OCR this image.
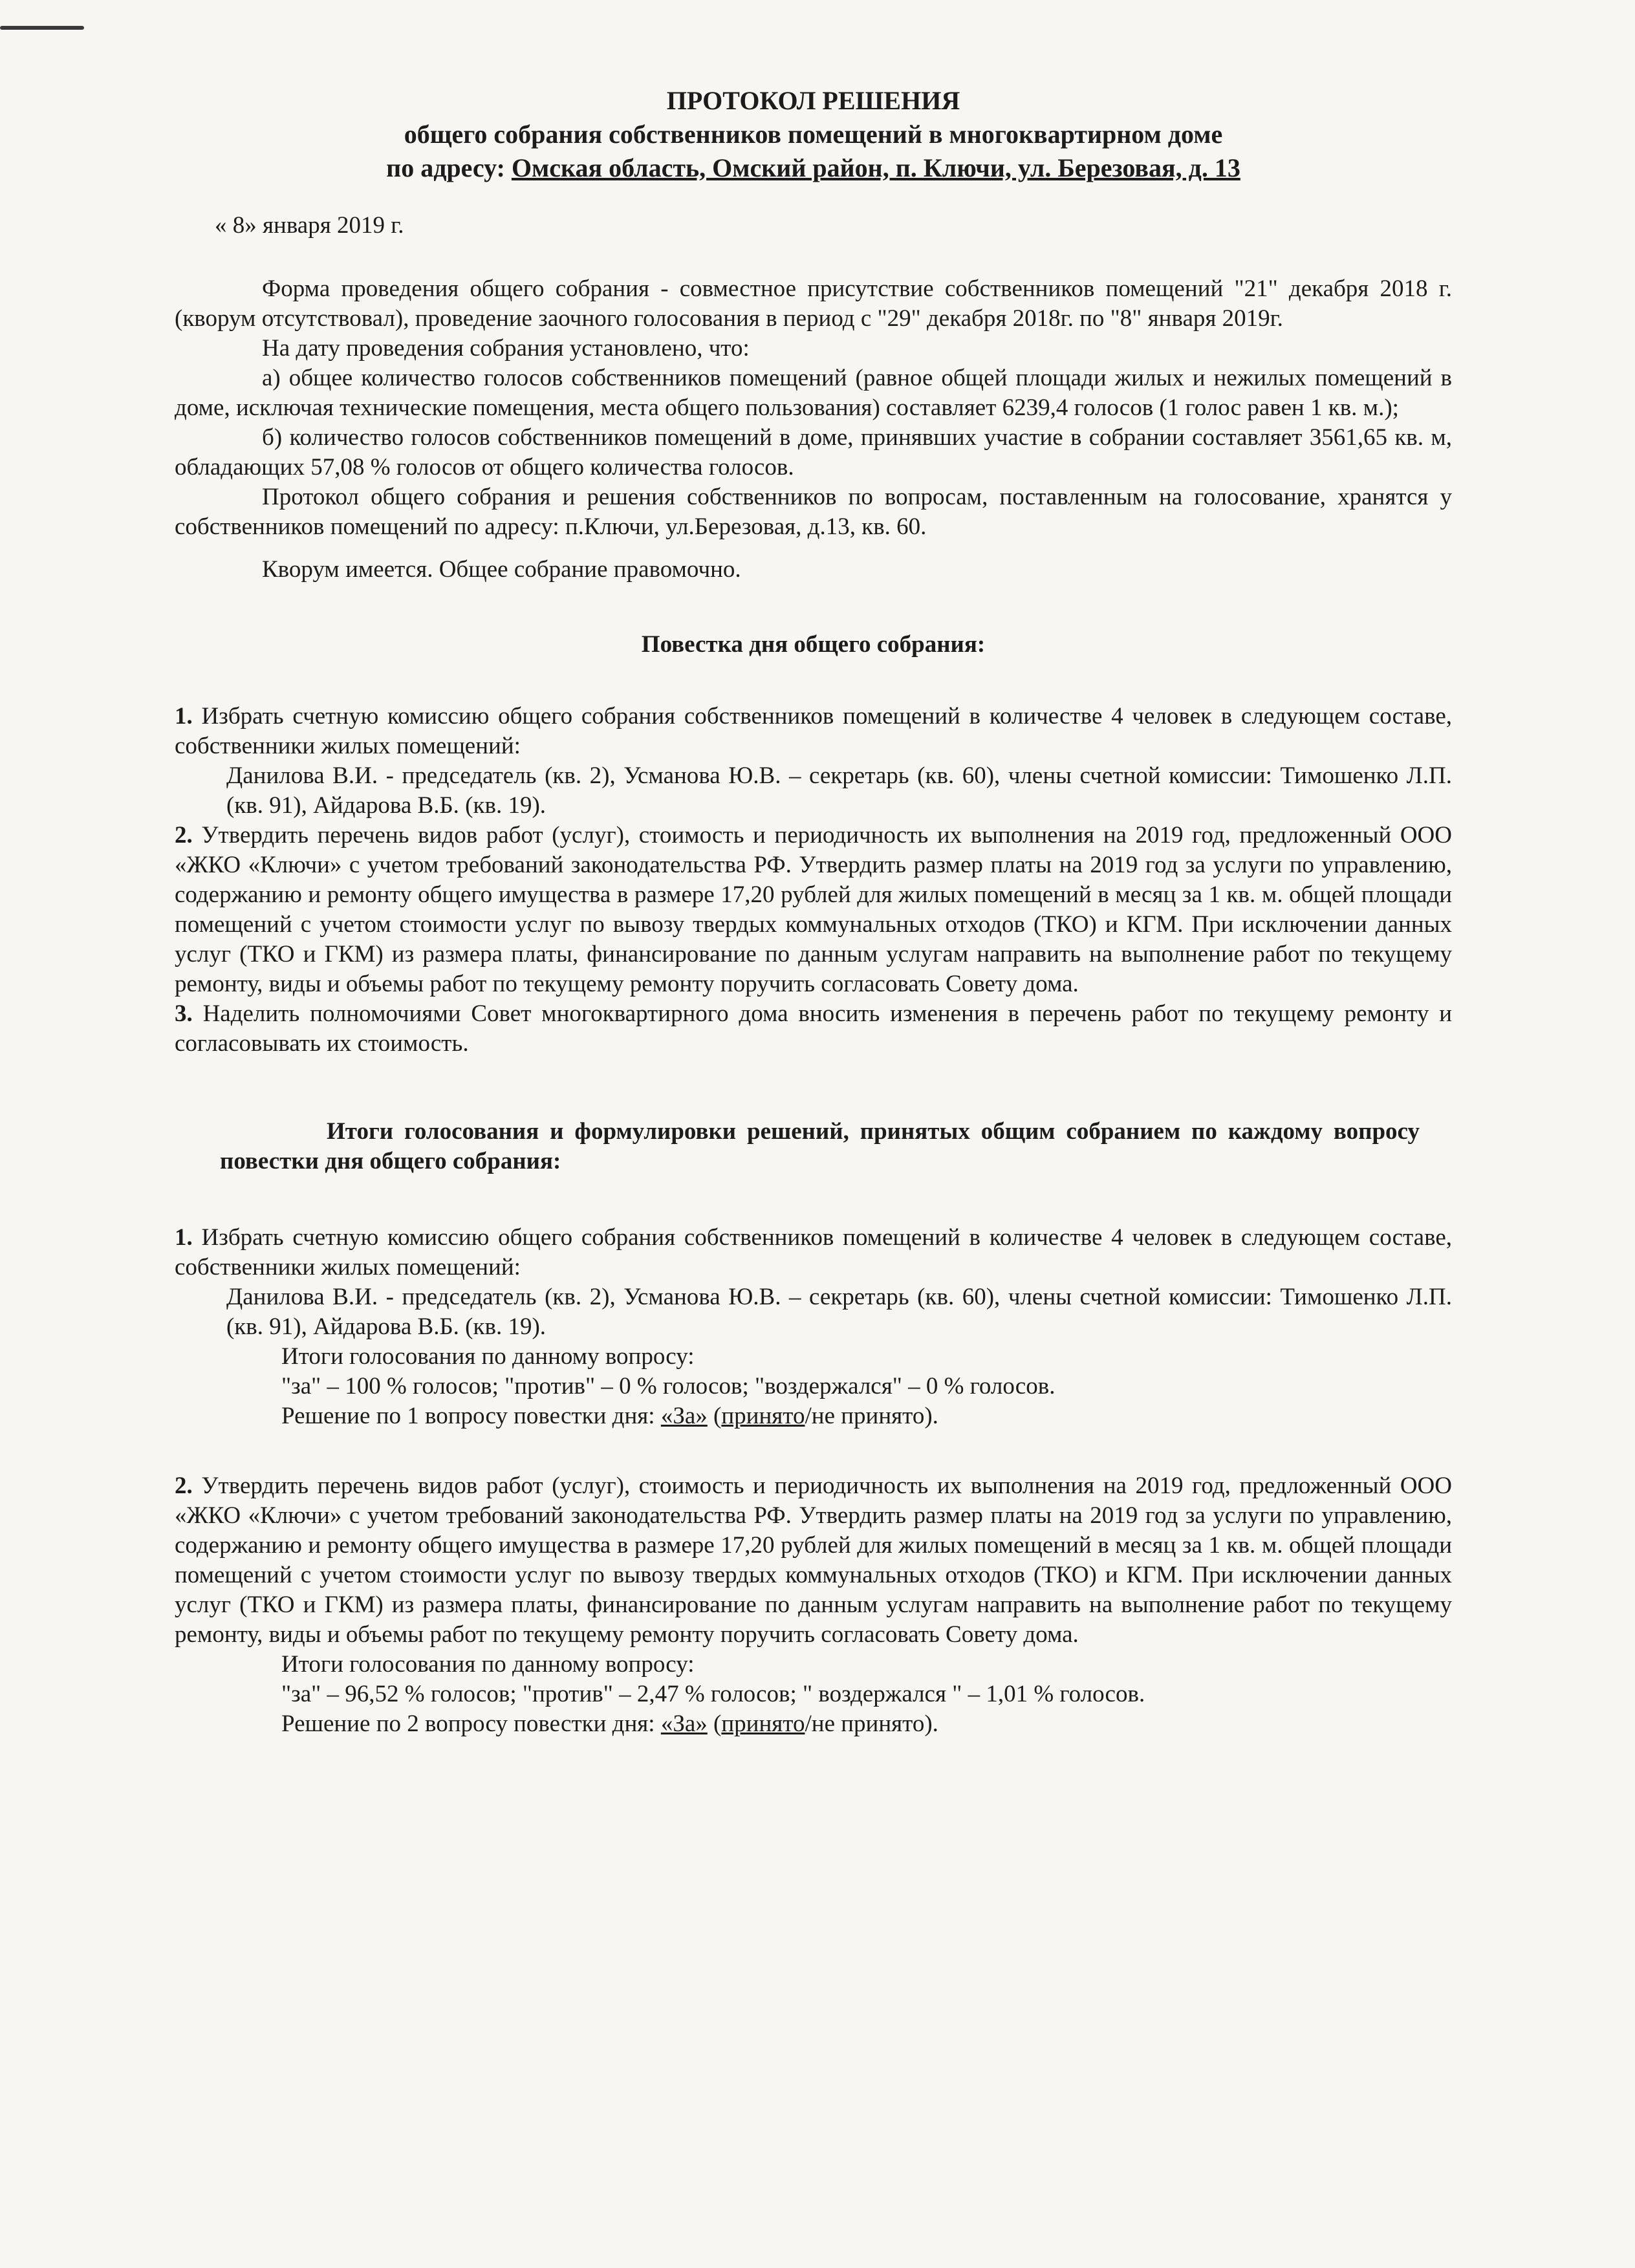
ПРОТОКОЛ РЕШЕНИЯ
общего собрания собственников помещений в многоквартирном доме
по адресу: Омская область, Омский район, п. Ключи, ул. Березовая, д. 13
« 8» января 2019 г.

Форма проведения общего собрания - совместное присутствие собственников помещений "21" декабря 2018 г. (кворум отсутствовал), проведение заочного голосования в период с "29" декабря 2018г. по "8" января 2019г.

На дату проведения собрания установлено, что:

а) общее количество голосов собственников помещений (равное общей площади жилых и нежилых помещений в доме, исключая технические помещения, места общего пользования) составляет 6239,4 голосов (1 голос равен 1 кв. м.);

б) количество голосов собственников помещений в доме, принявших участие в собрании составляет 3561,65 кв. м, обладающих 57,08 % голосов от общего количества голосов.

Протокол общего собрания и решения собственников по вопросам, поставленным на голосование, хранятся у собственников помещений по адресу: п.Ключи, ул.Березовая, д.13, кв. 60.

Кворум имеется. Общее собрание правомочно.

Повестка дня общего собрания:

1. Избрать счетную комиссию общего собрания собственников помещений в количестве 4 человек в следующем составе, собственники жилых помещений:

Данилова В.И. - председатель (кв. 2), Усманова Ю.В. – секретарь (кв. 60), члены счетной комиссии: Тимошенко Л.П. (кв. 91), Айдарова В.Б. (кв. 19).

2. Утвердить перечень видов работ (услуг), стоимость и периодичность их выполнения на 2019 год, предложенный ООО «ЖКО «Ключи» с учетом требований законодательства РФ. Утвердить размер платы на 2019 год за услуги по управлению, содержанию и ремонту общего имущества в размере 17,20 рублей для жилых помещений в месяц за 1 кв. м. общей площади помещений с учетом стоимости услуг по вывозу твердых коммунальных отходов (ТКО) и КГМ. При исключении данных услуг (ТКО и ГКМ) из размера платы, финансирование по данным услугам направить на выполнение работ по текущему ремонту, виды и объемы работ по текущему ремонту поручить согласовать Совету дома.

3. Наделить полномочиями Совет многоквартирного дома вносить изменения в перечень работ по текущему ремонту и согласовывать их стоимость.

Итоги голосования и формулировки решений, принятых общим собранием по каждому вопросу повестки дня общего собрания:

1. Избрать счетную комиссию общего собрания собственников помещений в количестве 4 человек в следующем составе, собственники жилых помещений:

Данилова В.И. - председатель (кв. 2), Усманова Ю.В. – секретарь (кв. 60), члены счетной комиссии: Тимошенко Л.П. (кв. 91), Айдарова В.Б. (кв. 19).

Итоги голосования по данному вопросу:

"за" – 100 % голосов; "против" – 0 % голосов; "воздержался" – 0 % голосов.

Решение по 1 вопросу повестки дня: «За» (принято/не принято).

2. Утвердить перечень видов работ (услуг), стоимость и периодичность их выполнения на 2019 год, предложенный ООО «ЖКО «Ключи» с учетом требований законодательства РФ. Утвердить размер платы на 2019 год за услуги по управлению, содержанию и ремонту общего имущества в размере 17,20 рублей для жилых помещений в месяц за 1 кв. м. общей площади помещений с учетом стоимости услуг по вывозу твердых коммунальных отходов (ТКО) и КГМ. При исключении данных услуг (ТКО и ГКМ) из размера платы, финансирование по данным услугам направить на выполнение работ по текущему ремонту, виды и объемы работ по текущему ремонту поручить согласовать Совету дома.

Итоги голосования по данному вопросу:

"за" – 96,52 % голосов; "против" – 2,47 % голосов; " воздержался " – 1,01 % голосов.

Решение по 2 вопросу повестки дня: «За» (принято/не принято).
